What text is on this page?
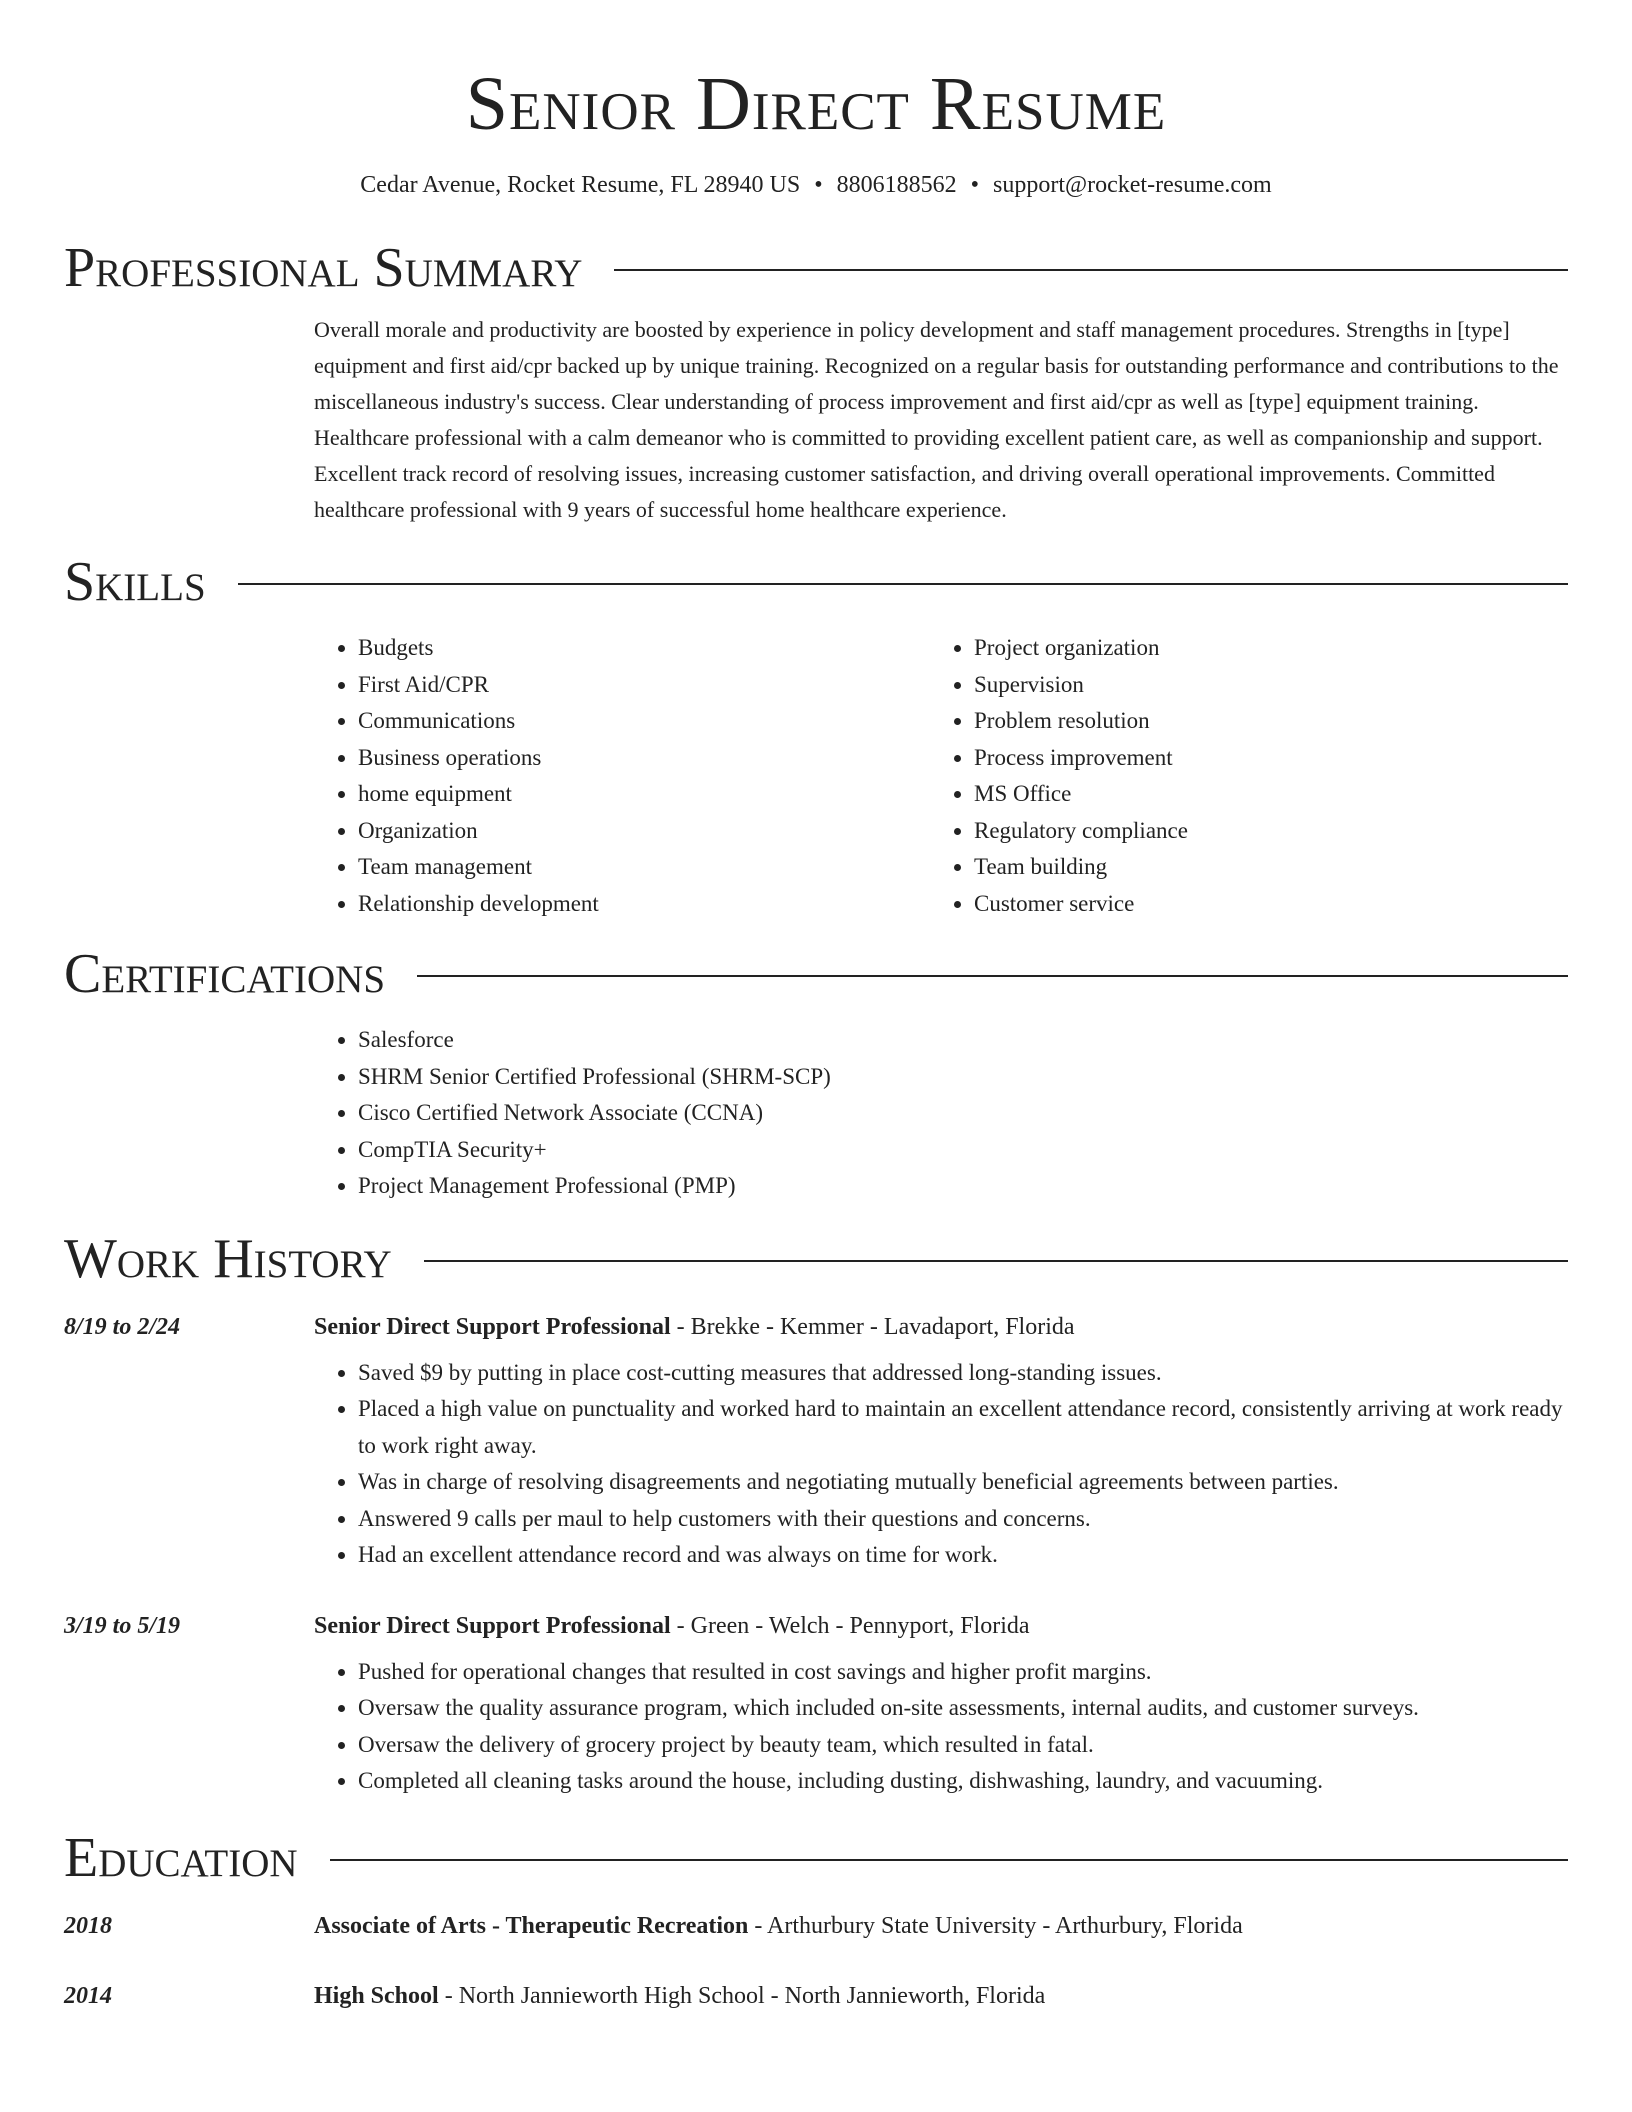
Senior Direct Resume
Cedar Avenue, Rocket Resume, FL 28940 US • 8806188562 • support@rocket-resume.com
Professional Summary
Overall morale and productivity are boosted by experience in policy development and staff management procedures. Strengths in [type] equipment and first aid/cpr backed up by unique training. Recognized on a regular basis for outstanding performance and contributions to the miscellaneous industry's success. Clear understanding of process improvement and first aid/cpr as well as [type] equipment training. Healthcare professional with a calm demeanor who is committed to providing excellent patient care, as well as companionship and support. Excellent track record of resolving issues, increasing customer satisfaction, and driving overall operational improvements. Committed healthcare professional with 9 years of successful home healthcare experience.
Skills
• Budgets
• First Aid/CPR
• Communications
• Business operations
• home equipment
• Organization
• Team management
• Relationship development
• Project organization
• Supervision
• Problem resolution
• Process improvement
• MS Office
• Regulatory compliance
• Team building
• Customer service
Certifications
• Salesforce
• SHRM Senior Certified Professional (SHRM-SCP)
• Cisco Certified Network Associate (CCNA)
• CompTIA Security+
• Project Management Professional (PMP)
Work History
8/19 to 2/24	Senior Direct Support Professional - Brekke - Kemmer - Lavadaport, Florida
• Saved $9 by putting in place cost-cutting measures that addressed long-standing issues.
• Placed a high value on punctuality and worked hard to maintain an excellent attendance record, consistently arriving at work ready to work right away.
• Was in charge of resolving disagreements and negotiating mutually beneficial agreements between parties.
• Answered 9 calls per maul to help customers with their questions and concerns.
• Had an excellent attendance record and was always on time for work.
3/19 to 5/19	Senior Direct Support Professional - Green - Welch - Pennyport, Florida
• Pushed for operational changes that resulted in cost savings and higher profit margins.
• Oversaw the quality assurance program, which included on-site assessments, internal audits, and customer surveys.
• Oversaw the delivery of grocery project by beauty team, which resulted in fatal.
• Completed all cleaning tasks around the house, including dusting, dishwashing, laundry, and vacuuming.
Education
2018	Associate of Arts - Therapeutic Recreation - Arthurbury State University - Arthurbury, Florida
2014	High School - North Jannieworth High School - North Jannieworth, Florida
